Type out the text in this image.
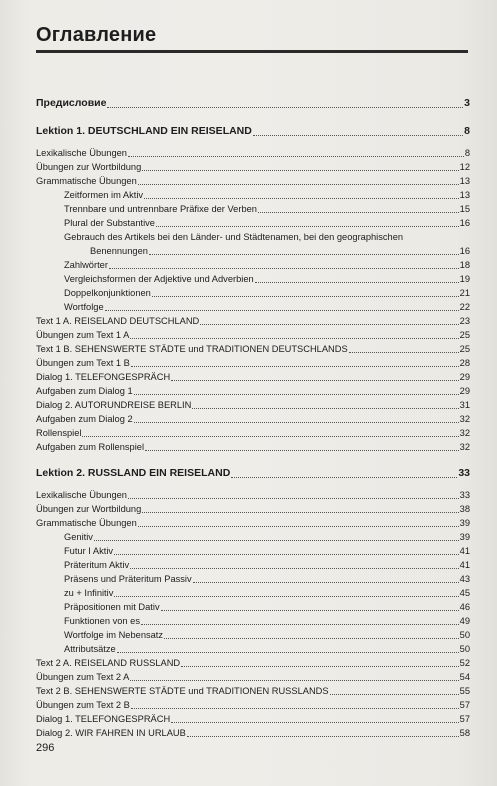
Оглавление
Предисловие	3
Lektion 1. DEUTSCHLAND EIN REISELAND	8
Lexikalische Übungen	8
Übungen zur Wortbildung	12
Grammatische Übungen	13
Zeitformen im Aktiv	13
Trennbare und untrennbare Präfixe der Verben	15
Plural der Substantive	16
Gebrauch des Artikels bei den Länder- und Städtenamen, bei den geographischen
Benennungen	16
Zahlwörter	18
Vergleichsformen der Adjektive und Adverbien	19
Doppelkonjunktionen	21
Wortfolge	22
Text 1 A. REISELAND DEUTSCHLAND	23
Übungen zum Text 1 A	25
Text 1 B. SEHENSWERTE STÄDTE und TRADITIONEN DEUTSCHLANDS	25
Übungen zum Text 1 B	28
Dialog 1. TELEFONGESPRÄCH	29
Aufgaben zum Dialog 1	29
Dialog 2. AUTORUNDREISE BERLIN	31
Aufgaben zum Dialog 2	32
Rollenspiel	32
Aufgaben zum Rollenspiel	32
Lektion 2. RUSSLAND EIN REISELAND	33
Lexikalische Übungen	33
Übungen zur Wortbildung	38
Grammatische Übungen	39
Genitiv	39
Futur I Aktiv	41
Präteritum Aktiv	41
Präsens und Präteritum Passiv	43
zu + Infinitiv	45
Präpositionen mit Dativ	46
Funktionen von es	49
Wortfolge im Nebensatz	50
Attributsätze	50
Text 2 A. REISELAND RUSSLAND	52
Übungen zum Text 2 A	54
Text 2 B. SEHENSWERTE STÄDTE und TRADITIONEN RUSSLANDS	55
Übungen zum Text 2 B	57
Dialog 1. TELEFONGESPRÄCH	57
Dialog 2. WIR FAHREN IN URLAUB	58
296
